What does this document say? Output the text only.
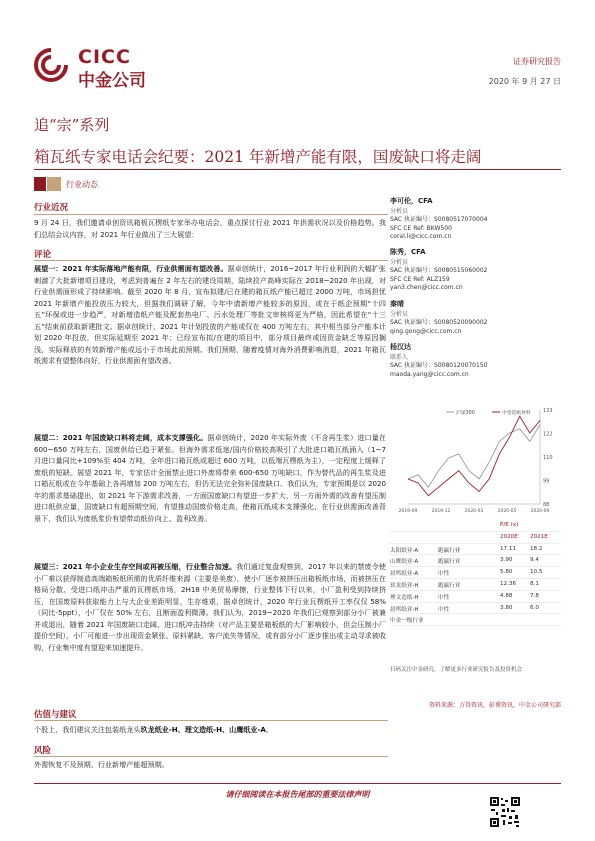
CICC
中金公司
证券研究报告
2020 年 9 月 27 日
追“宗”系列
箱瓦纸专家电话会纪要：2021 年新增产能有限，国废缺口将走阔
行业动态
行业近况
9 月 24 日，我们邀请卓创资讯箱板瓦楞纸专家举办电话会，重点探讨行业 2021 年供需状况以及价格趋势。我们总结会议内容，对 2021 年行业做出了三大展望：
评论
展望一：2021 年实际落地产能有限，行业供需面有望改善。据卓创统计，2016~2017 年行业利润的大幅扩张刺激了大批新增项目建设，考虑到普遍在 2 年左右的建设周期，陆续投产高峰实际在 2018~2020 年出现，对行业供需面形成了持续影响。截至 2020 年 8 月，宣布拟建/已在建的箱瓦纸产能已超过 2000 万吨，市场担忧 2021 年新增产能投放压力较大，但据我们调研了解，今年中请新增产能较多的原因，或在于纸企预期“十四五”环保或进一步趋严，对新增造纸产能及配套热电厂、污水处理厂等批文审核将更为严格，因此希望在“十三五”结束前获取新建批文。据卓创统计，2021 年计划投放的产能或仅在 400 万吨左右，其中相当部分产能本计划 2020 年投放，但实际延期至 2021 年；已经宣布拟/在建的项目中，部分项目最终或因资金缺乏等原因搁浅，实际释放的有效新增产能或远小于市场此前预期。我们预期，随着疫情对海外消费影响消退，2021 年箱瓦纸需求有望整体向好，行业供需面有望改善。
展望二：2021 年国废缺口料将走阔，成本支撑强化。据卓创统计，2020 年实际外废（不含再生浆）进口量在 600~650 万吨左右，国废供给已趋于紧张。但海外需求低迷/国内价格较高吸引了大批进口箱瓦纸涌入（1~7 月进口量同比+109%至 404 万吨，全年进口箱瓦纸或超过 600 万吨，以低端瓦楞纸为主），一定程度上缓释了废纸的短缺。展望 2021 年，专家估计全面禁止进口外废将带来 600-650 万吨缺口，作为替代品的再生浆及进口箱瓦纸或在今年基础上各再增加 200 万吨左右，但仍无法完全弥补国废缺口。我们认为，专家预期是以 2020 年的需求基础提出，如 2021 年下游需求改善，一方面国废缺口有望进一步扩大，另一方面外需的改善有望压制进口纸供应量，国废缺口有超预期空间，有望推动国废价格走高，使箱瓦纸成本支撑强化，在行业供需面改善背景下，我们认为废纸浆价有望带动纸价向上、盈利改善。
展望三：2021 年小企业生存空间或再被压缩，行业整合加速。我们通过复盘观察到，2017 年以来的禁废令使小厂难以获得制造高端箱板纸所需的优质纤维来源（主要是美废），使小厂逐步被挤压出箱板纸市场，而被挤压在格局分散、受进口纸冲击严重的瓦楞纸市场，2H18 中美贸易摩擦，行业整体下行以来，小厂盈利受到持续挤压，在国废原料获取能力上与大企业差距明显，生存维艰，据卓创统计，2020 年行业瓦楞纸开工率仅仅 58%（同比-5ppt），小厂仅在 50% 左右，且断面盈利微薄。我们认为，2019~2020 年我们已观察到部分小厂被兼并或退出，随着 2021 年国废缺口走阔、进口纸冲击持续（对产品主要是箱板纸的大厂影响较小，但会压制小厂提价空间），小厂可能进一步出现资金紧张、原料紧缺、客户流失等情况，或有部分小厂逐步推出或主动寻求被收购，行业集中度有望迎来加速提升。
估值与建议
个股上，我们建议关注包装纸龙头玖龙纸业-H、理文造纸-H、山鹰纸业-A。
风险
外需恢复不及预期、行业新增产能超预期。
李可伦，CFA
分析员
SAC 执证编号：S0080517070004
SFC CE Ref: BKW500
coral.li@cicc.com.cn
陈秀，CFA
分析员
SAC 执证编号：S0080515060002
SFC CE Ref: ALZ159
yan3.chen@cicc.com.cn
秦晴
分析员
SAC 执证编号：S0080520090002
qing.gong@cicc.com.cn
杨汉达
联系人
SAC 执证编号：S0080120070150
maoda.yang@cicc.com.cn
133
122
110
99
88
2019-09	2019-12	2020-03	2020-05	2020-09
沪深300	中金造纸材料
P/E (x)
2020E 2021E
太阳纸业-A	跑赢行业	17.11 18.2
山鹰纸业-A	跑赢行业	3.90	9.4
晨鸣纸业-A	中性	5.80	10.5
玖龙纸业-H	跑赢行业	12.36 8.1
理文造纸-H	中性	4.88	7.8
晨鸣纸业-H	中性	3.80	6.0
中金一级行业
扫码关注中金研究，了解更多行业研究报告及投资机会
资料来源：万得资讯，彭博资讯，中金公司研究部
请仔细阅读在本报告尾部的重要法律声明
